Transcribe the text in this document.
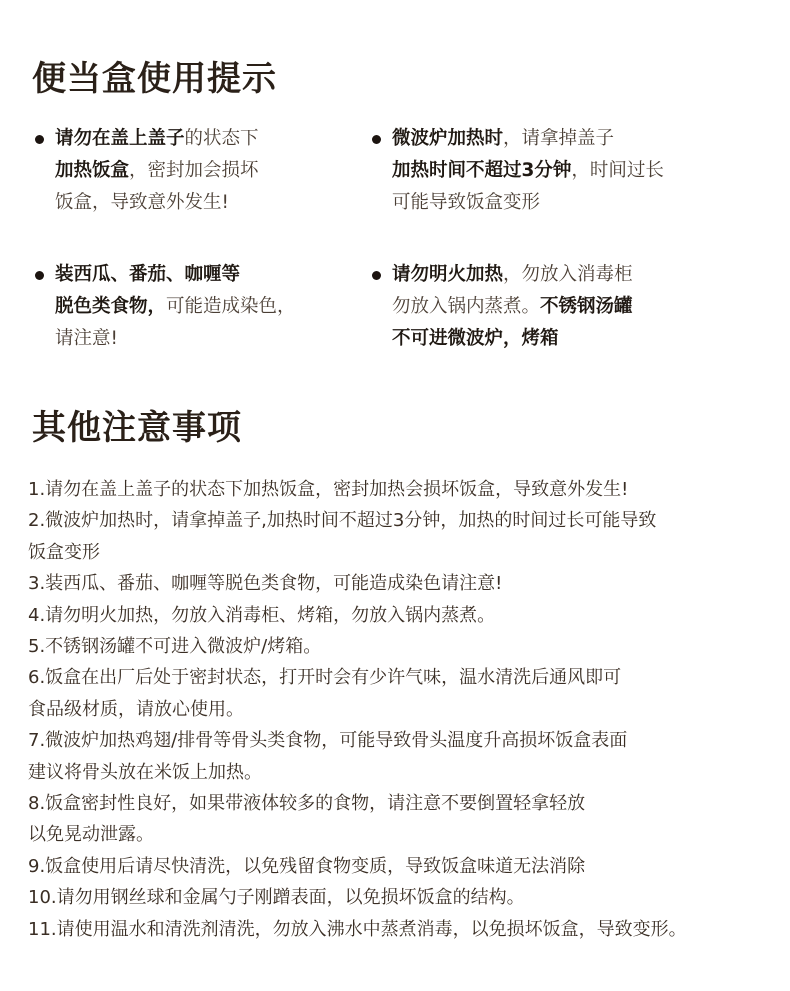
便当盒使用提示
请勿在盖上盖子的状态下
加热饭盒，密封加会损坏
饭盒，导致意外发生!
微波炉加热时，请拿掉盖子
加热时间不超过3分钟，时间过长
可能导致饭盒变形
装西瓜、番茄、咖喱等
脱色类食物，可能造成染色，
请注意!
请勿明火加热，勿放入消毒柜
勿放入锅内蒸煮。不锈钢汤罐
不可进微波炉，烤箱
其他注意事项
1.请勿在盖上盖子的状态下加热饭盒，密封加热会损坏饭盒，导致意外发生!
2.微波炉加热时，请拿掉盖子,加热时间不超过3分钟，加热的时间过长可能导致
饭盒变形
3.装西瓜、番茄、咖喱等脱色类食物，可能造成染色请注意!
4.请勿明火加热，勿放入消毒柜、烤箱，勿放入锅内蒸煮。
5.不锈钢汤罐不可进入微波炉/烤箱。
6.饭盒在出厂后处于密封状态，打开时会有少许气味，温水清洗后通风即可
食品级材质，请放心使用。
7.微波炉加热鸡翅/排骨等骨头类食物，可能导致骨头温度升高损坏饭盒表面
建议将骨头放在米饭上加热。
8.饭盒密封性良好，如果带液体较多的食物，请注意不要倒置轻拿轻放
以免晃动泄露。
9.饭盒使用后请尽快清洗，以免残留食物变质，导致饭盒味道无法消除
10.请勿用钢丝球和金属勺子刚蹭表面，以免损坏饭盒的结构。
11.请使用温水和清洗剂清洗，勿放入沸水中蒸煮消毒，以免损坏饭盒，导致变形。
